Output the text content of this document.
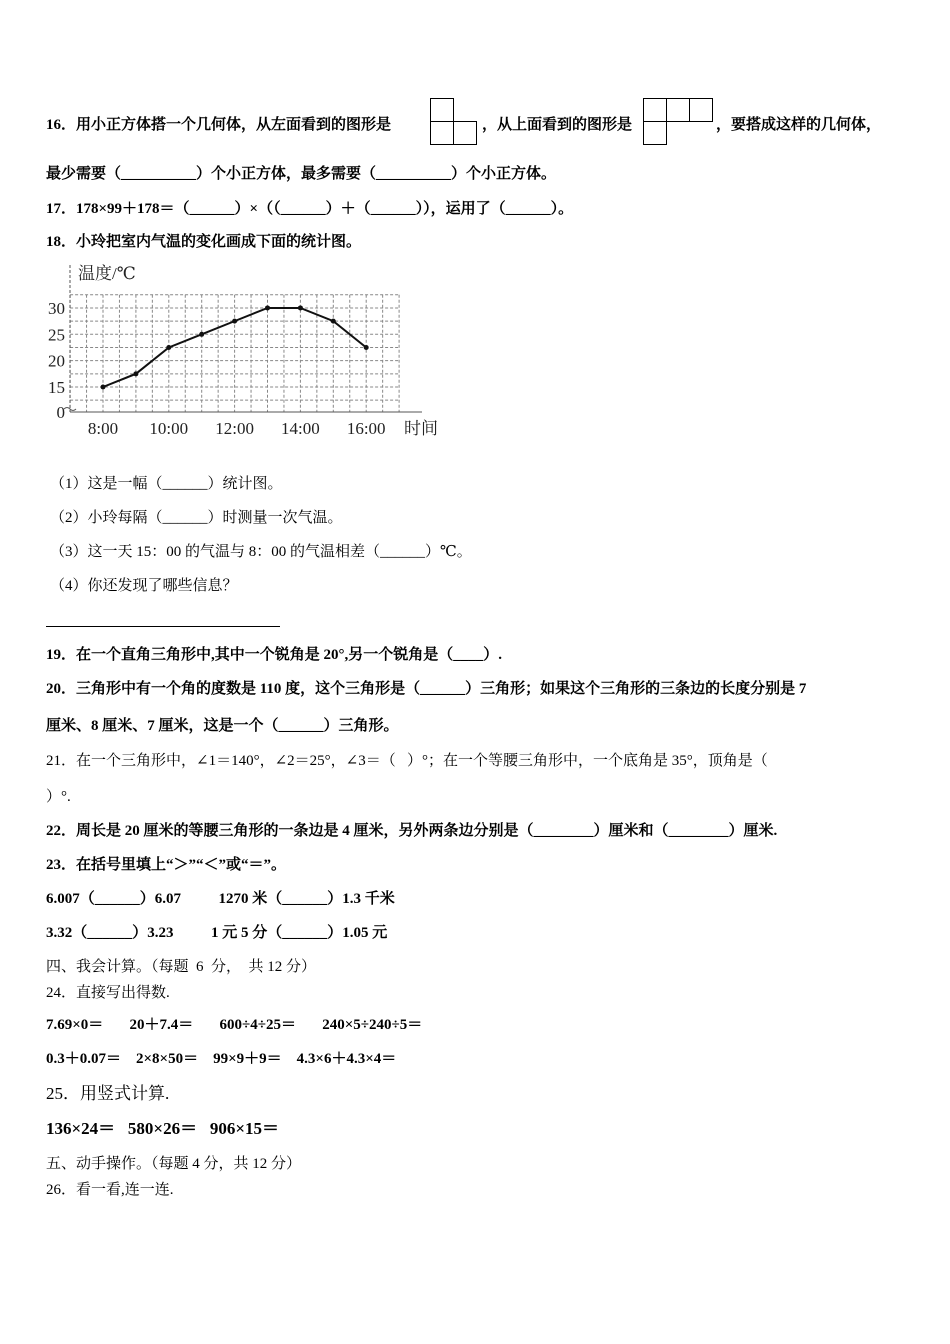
16．用小正方体搭一个几何体，从左面看到的图形是	，从上面看到的图形是	，要搭成这样的几何体，
最少需要（__________）个小正方体，最多需要（__________）个小正方体。
17．178×99＋178＝（______）×（（______）＋（______）），运用了（______）。
18．小玲把室内气温的变化画成下面的统计图。
温度/℃
时间
0
15
20
25
30
8:00 10:00 12:00 14:00 16:00
（1）这是一幅（______）统计图。
（2）小玲每隔（______）时测量一次气温。
（3）这一天 15：00 的气温与 8：00 的气温相差（______）℃。
（4）你还发现了哪些信息？
19．在一个直角三角形中,其中一个锐角是 20°,另一个锐角是（____）.
20．三角形中有一个角的度数是 110 度，这个三角形是（______）三角形；如果这个三角形的三条边的长度分别是 7
厘米、8 厘米、7 厘米，这是一个（______）三角形。
21．在一个三角形中，∠1＝140°，∠2＝25°，∠3＝（   ）°；在一个等腰三角形中，一个底角是 35°，顶角是（
）°.
22．周长是 20 厘米的等腰三角形的一条边是 4 厘米，另外两条边分别是（________）厘米和（________）厘米.
23．在括号里填上“＞”“＜”或“＝”。
6.007（______）6.07          1270 米（______）1.3 千米
3.32（______）3.23          1 元 5 分（______）1.05 元
四、我会计算。（每题  6  分，  共 12 分）
24．直接写出得数.
7.69×0＝       20＋7.4＝       600÷4÷25＝       240×5÷240÷5＝
0.3＋0.07＝    2×8×50＝    99×9＋9＝    4.3×6＋4.3×4＝
25．用竖式计算.
136×24＝   580×26＝   906×15＝
五、动手操作。（每题 4 分，共 12 分）
26．看一看,连一连.
